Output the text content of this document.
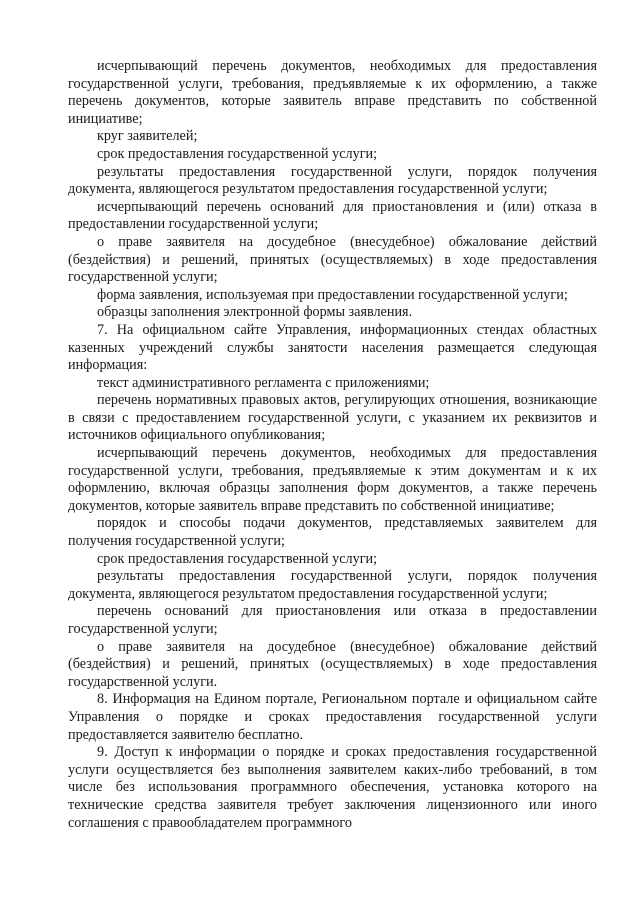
исчерпывающий перечень документов, необходимых для предоставления государственной услуги, требования, предъявляемые к их оформлению, а также перечень документов, которые заявитель вправе представить по собственной инициативе;

круг заявителей;

срок предоставления государственной услуги;

результаты предоставления государственной услуги, порядок получения документа, являющегося результатом предоставления государственной услуги;

исчерпывающий перечень оснований для приостановления и (или) отказа в предоставлении государственной услуги;

о праве заявителя на досудебное (внесудебное) обжалование действий (бездействия) и решений, принятых (осуществляемых) в ходе предоставления государственной услуги;

форма заявления, используемая при предоставлении государственной услуги;

образцы заполнения электронной формы заявления.

7. На официальном сайте Управления, информационных стендах областных казенных учреждений службы занятости населения размещается следующая информация:

текст административного регламента с приложениями;

перечень нормативных правовых актов, регулирующих отношения, возникающие в связи с предоставлением государственной услуги, с указанием их реквизитов и источников официального опубликования;

исчерпывающий перечень документов, необходимых для предоставления государственной услуги, требования, предъявляемые к этим документам и к их оформлению, включая образцы заполнения форм документов, а также перечень документов, которые заявитель вправе представить по собственной инициативе;

порядок и способы подачи документов, представляемых заявителем для получения государственной услуги;

срок предоставления государственной услуги;

результаты предоставления государственной услуги, порядок получения документа, являющегося результатом предоставления государственной услуги;

перечень оснований для приостановления или отказа в предоставлении государственной услуги;

о праве заявителя на досудебное (внесудебное) обжалование действий (бездействия) и решений, принятых (осуществляемых) в ходе предоставления государственной услуги.

8. Информация на Едином портале, Региональном портале и официальном сайте Управления о порядке и сроках предоставления государственной услуги предоставляется заявителю бесплатно.

9. Доступ к информации о порядке и сроках предоставления государственной услуги осуществляется без выполнения заявителем каких-либо требований, в том числе без использования программного обеспечения, установка которого на технические средства заявителя требует заключения лицензионного или иного соглашения с правообладателем программного
